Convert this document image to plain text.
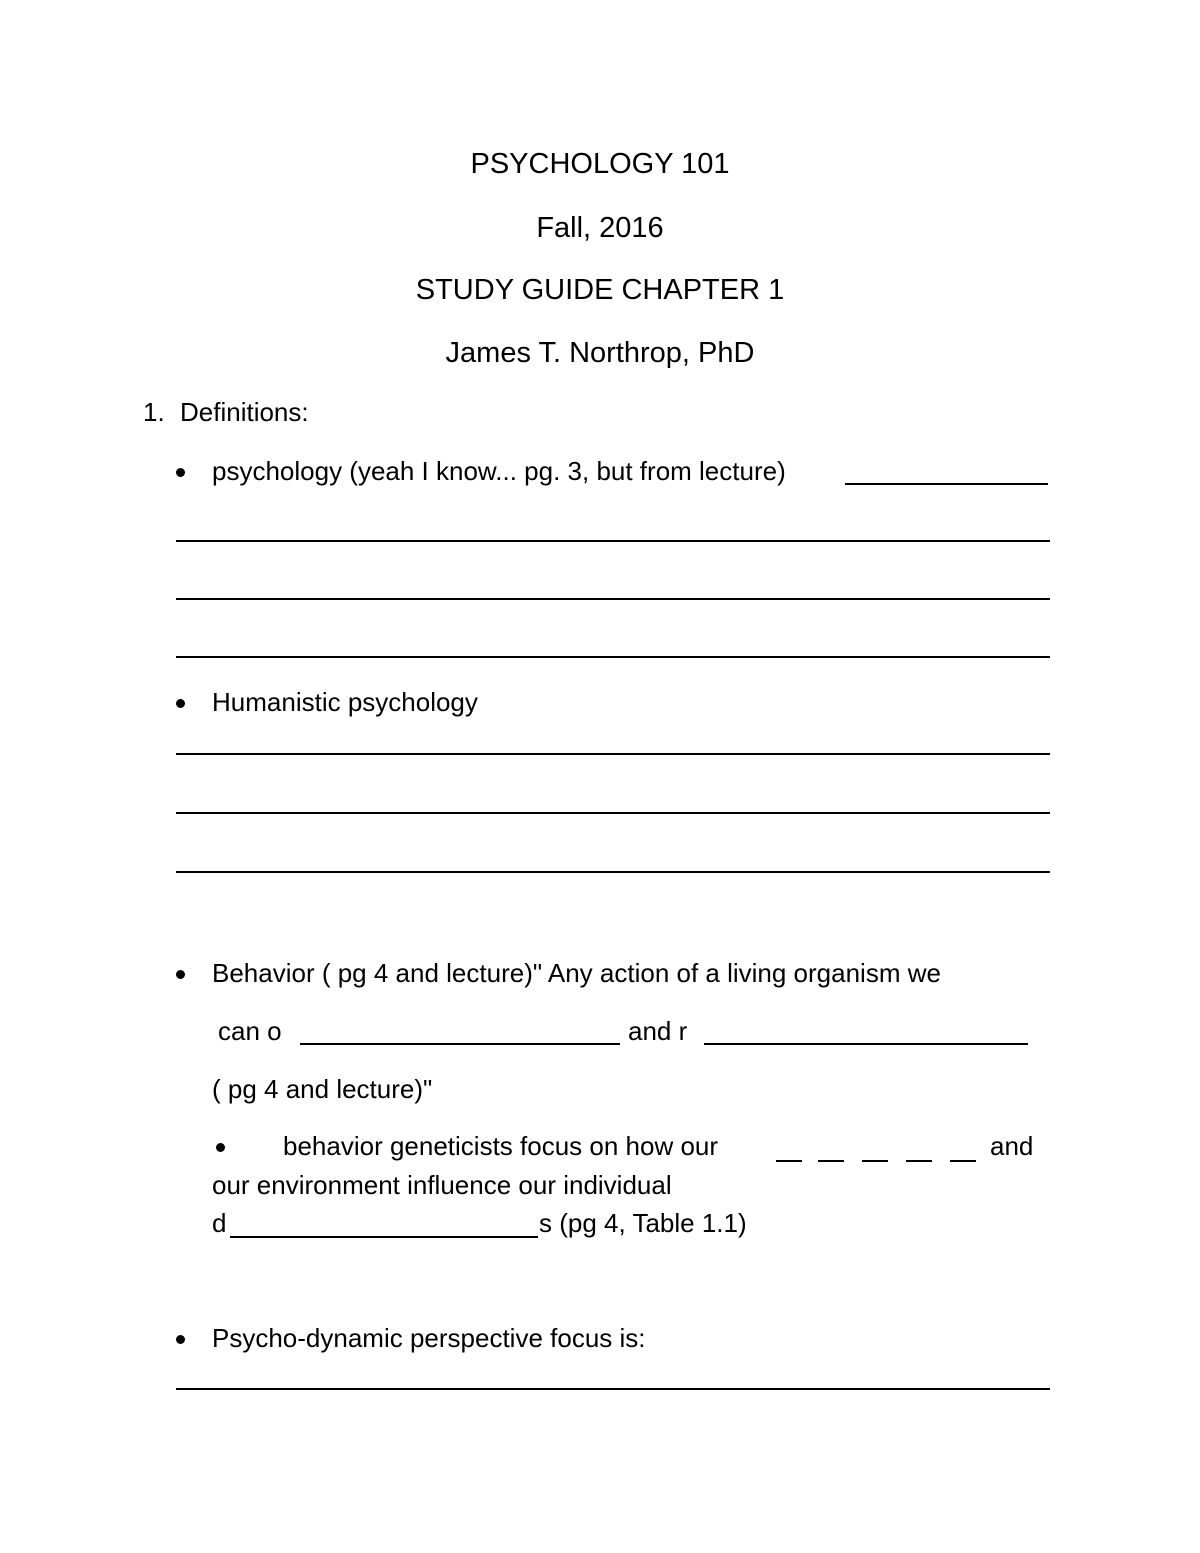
PSYCHOLOGY 101
Fall, 2016
STUDY GUIDE CHAPTER 1
James T. Northrop, PhD
1. Definitions:
psychology (yeah I know... pg. 3, but from lecture)
Humanistic psychology
Behavior ( pg 4 and lecture)" Any action of a living organism we
can o	and r
( pg 4 and lecture)"
behavior geneticists focus on how our	and
our environment influence our individual
d	s (pg 4, Table 1.1)
Psycho-dynamic perspective focus is:
